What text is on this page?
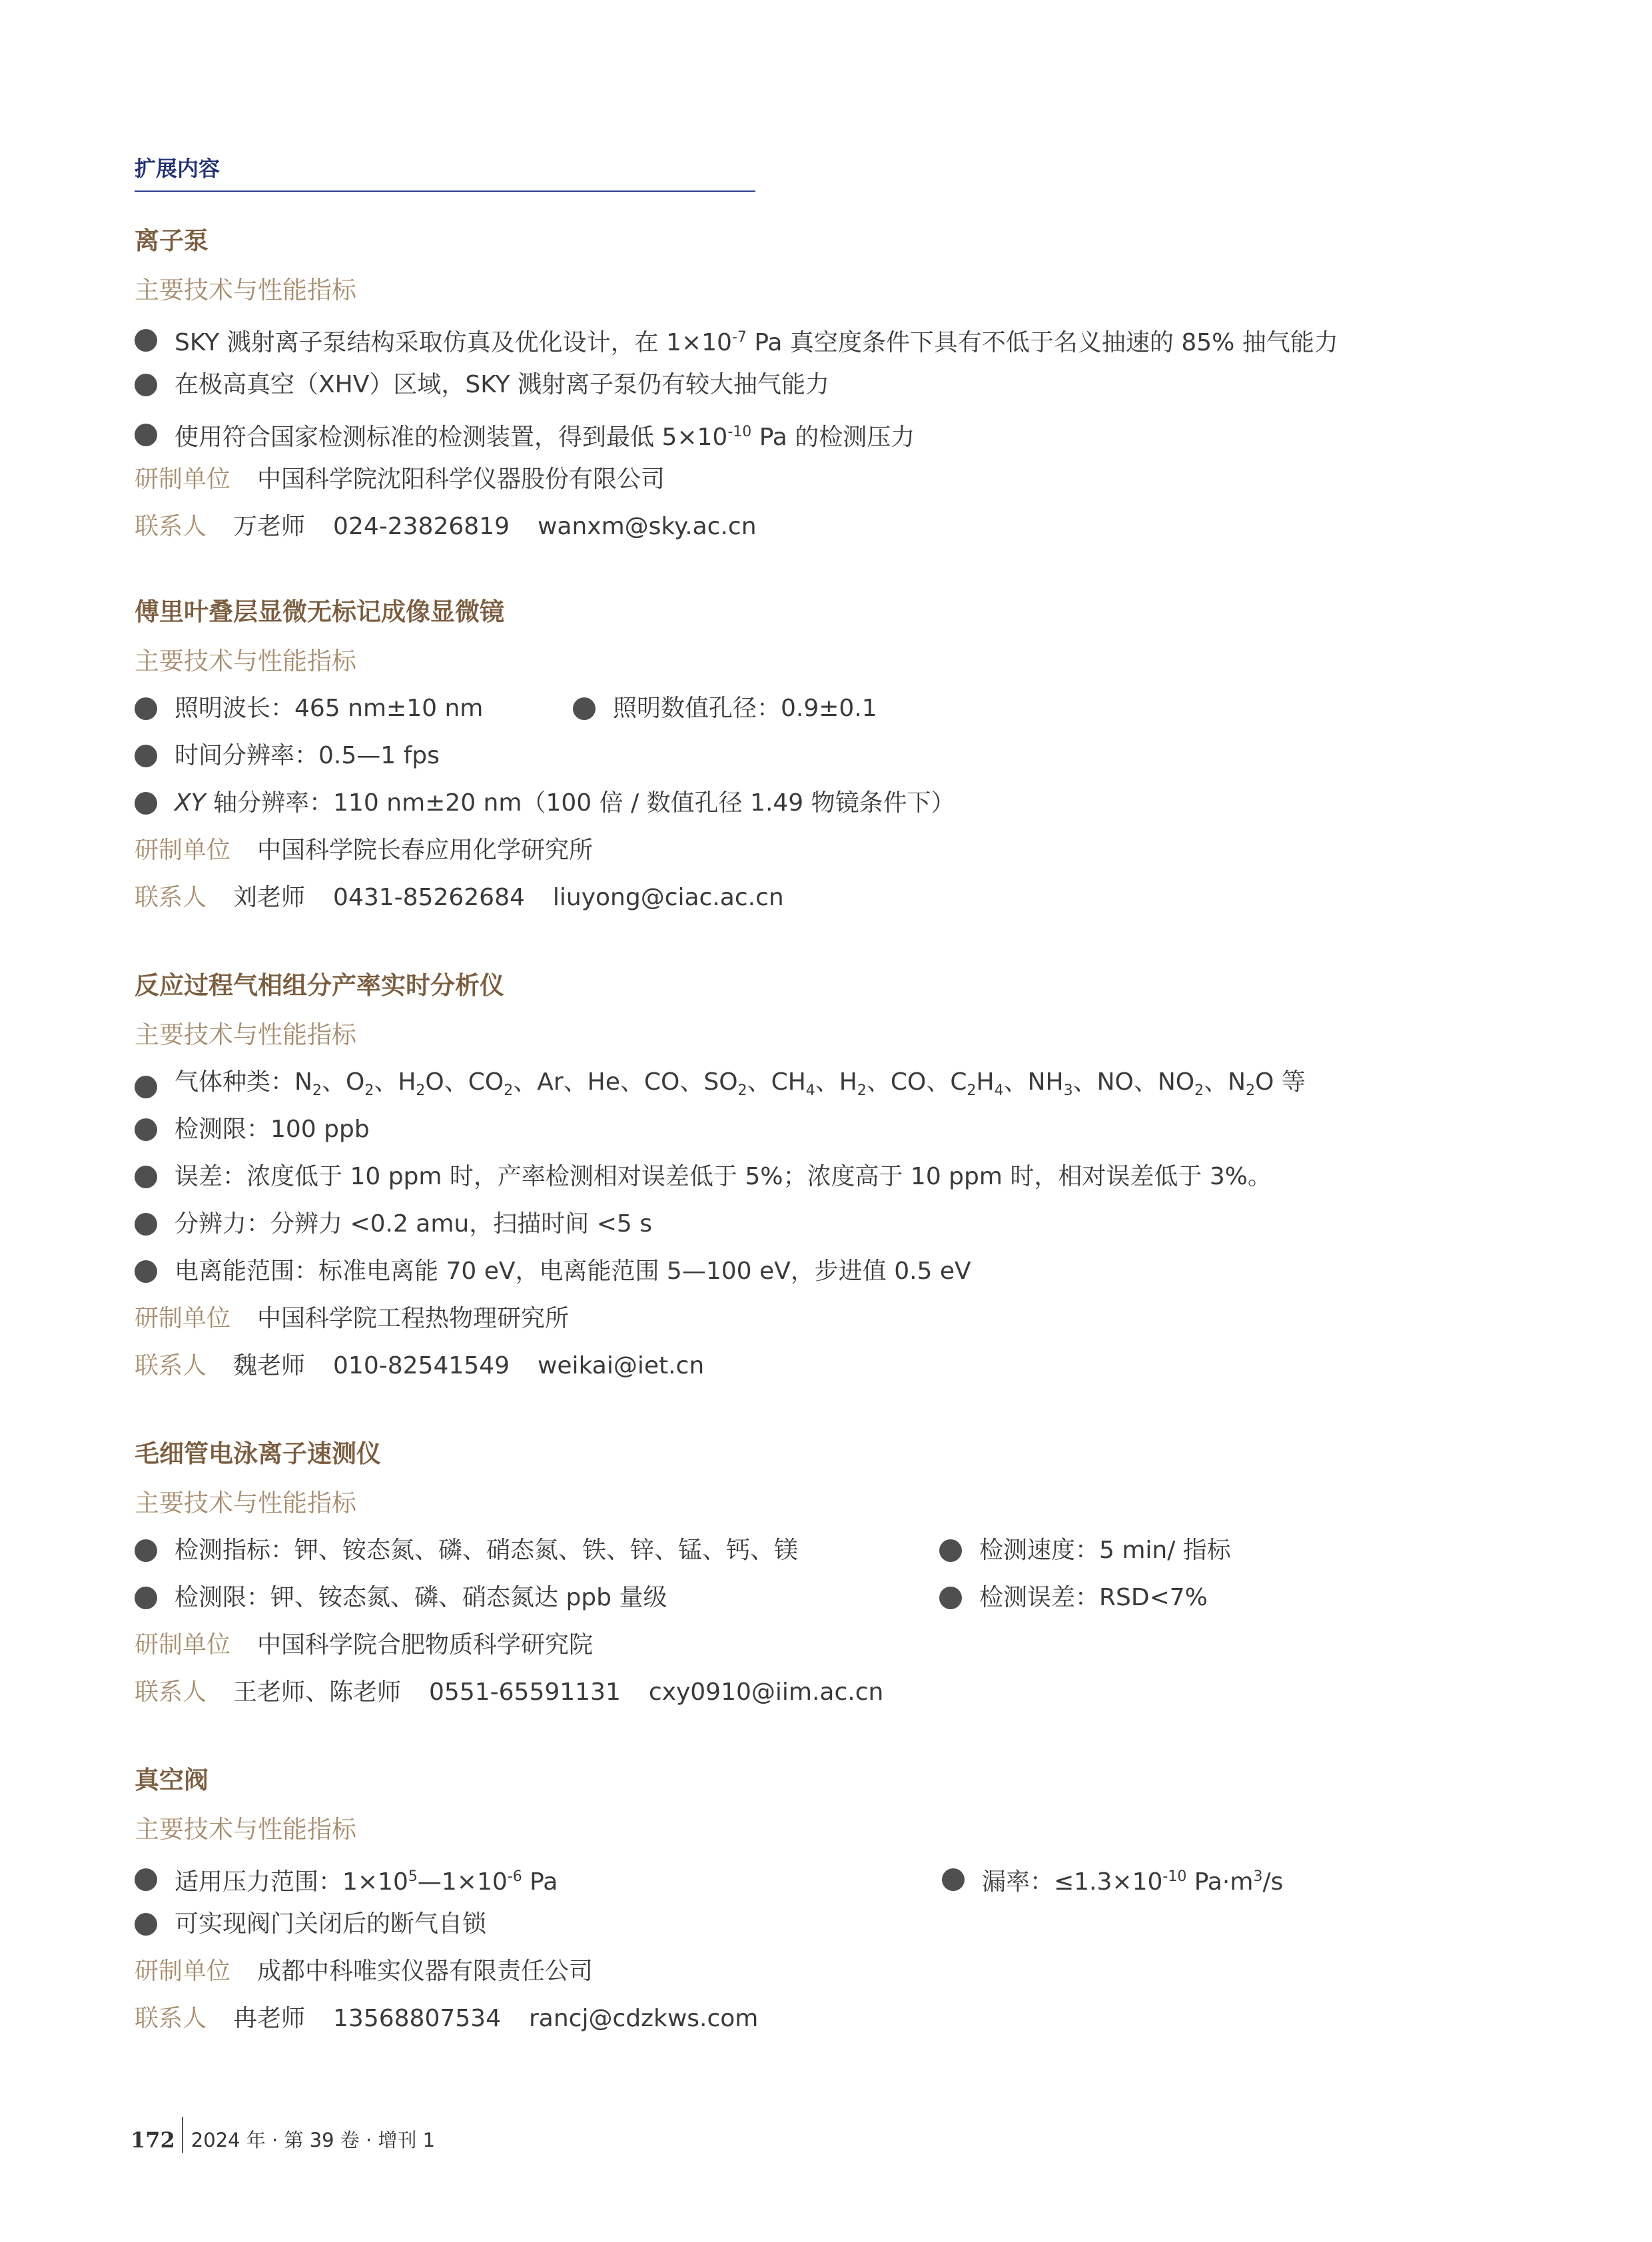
扩展内容
离子泵
主要技术与性能指标
SKY 溅射离子泵结构采取仿真及优化设计，在 $1\times 10^{-7}$ Pa 真空度条件下具有不低于名义抽速的 85% 抽气能力
在极高真空（XHV）区域，SKY 溅射离子泵仍有较大抽气能力
使用符合国家检测标准的检测装置，得到最低 $5\times 10^{-10}$ Pa 的检测压力
研制单位 中国科学院沈阳科学仪器股份有限公司
联系人 万老师 024-23826819 wanxm@sky.ac.cn
傅里叶叠层显微无标记成像显微镜
主要技术与性能指标
照明波长：465 nm±10 nm	照明数值孔径：0.9±0.1
时间分辨率：0.5—1 fps
XY 轴分辨率：110 nm±20 nm（100 倍 / 数值孔径 1.49 物镜条件下）
研制单位 中国科学院长春应用化学研究所
联系人 刘老师 0431-85262684 liuyong@ciac.ac.cn
反应过程气相组分产率实时分析仪
主要技术与性能指标
气体种类：$N_2$、$O_2$、$H_2O$、$CO_2$、Ar、He、CO、$SO_2$、$CH_4$、$H_2$、CO、$C_2H_4$、$NH_3$、NO、$NO_2$、$N_2O$ 等
检测限：100 ppb
误差：浓度低于 10 ppm 时，产率检测相对误差低于 5%；浓度高于 10 ppm 时，相对误差低于 3%。
分辨力：分辨力 <0.2 amu，扫描时间 <5 s
电离能范围：标准电离能 70 eV，电离能范围 5—100 eV，步进值 0.5 eV
研制单位 中国科学院工程热物理研究所
联系人 魏老师 010-82541549 weikai@iet.cn
毛细管电泳离子速测仪
主要技术与性能指标
检测指标：钾、铵态氮、磷、硝态氮、铁、锌、锰、钙、镁	检测速度：5 min/ 指标
检测限：钾、铵态氮、磷、硝态氮达 ppb 量级	检测误差：RSD<7%
研制单位 中国科学院合肥物质科学研究院
联系人 王老师、陈老师 0551-65591131 cxy0910@iim.ac.cn
真空阀
主要技术与性能指标
适用压力范围：$1\times 10^5—1\times 10^{-6}$ Pa	漏率：$\le 1.3\times 10^{-10}$ $Pa\cdot m^3/s$
可实现阀门关闭后的断气自锁
研制单位 成都中科唯实仪器有限责任公司
联系人 冉老师 13568807534 rancj@cdzkws.com
172 2024 年 · 第 39 卷 · 增刊 1
